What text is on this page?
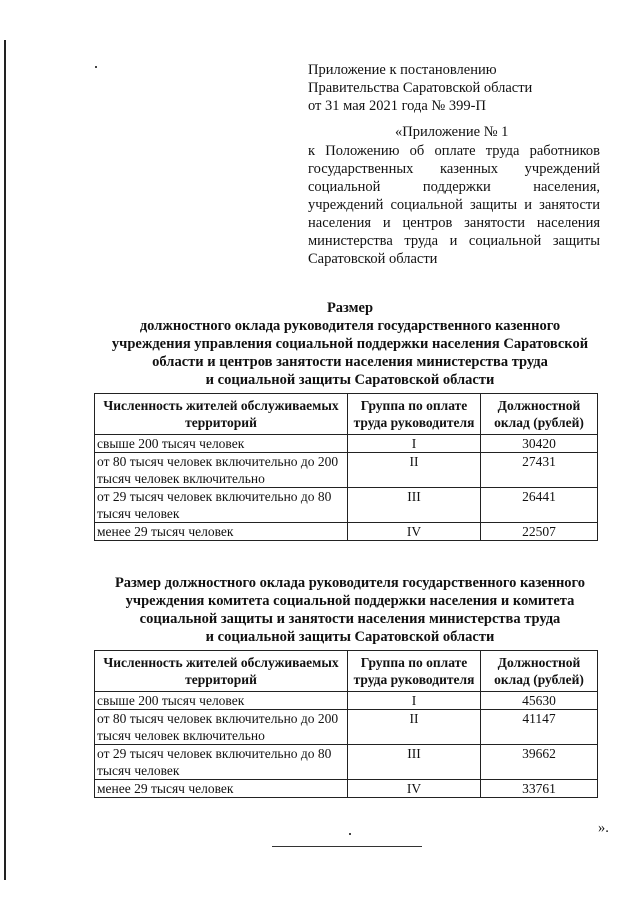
Приложение к постановлению
Правительства Саратовской области
от 31 мая 2021 года № 399-П
«Приложение № 1
к Положению об оплате труда работников государственных казенных учреждений социальной поддержки населения, учреждений социальной защиты и занятости населения и центров занятости населения министерства труда и социальной защиты Саратовской области
Размер
должностного оклада руководителя государственного казенного
учреждения управления социальной поддержки населения Саратовской
области и центров занятости населения министерства труда
и социальной защиты Саратовской области
Численность жителей обслуживаемых территорий	Группа по оплате труда руководителя	Должностной оклад (рублей)
свыше 200 тысяч человек	I	30420
от 80 тысяч человек включительно до 200 тысяч человек включительно	II	27431
от 29 тысяч человек включительно до 80 тысяч человек	III	26441
менее 29 тысяч человек	IV	22507
Размер должностного оклада руководителя государственного казенного
учреждения комитета социальной поддержки населения и комитета
социальной защиты и занятости населения министерства труда
и социальной защиты Саратовской области
Численность жителей обслуживаемых территорий	Группа по оплате труда руководителя	Должностной оклад (рублей)
свыше 200 тысяч человек	I	45630
от 80 тысяч человек включительно до 200 тысяч человек включительно	II	41147
от 29 тысяч человек включительно до 80 тысяч человек	III	39662
менее 29 тысяч человек	IV	33761
».
